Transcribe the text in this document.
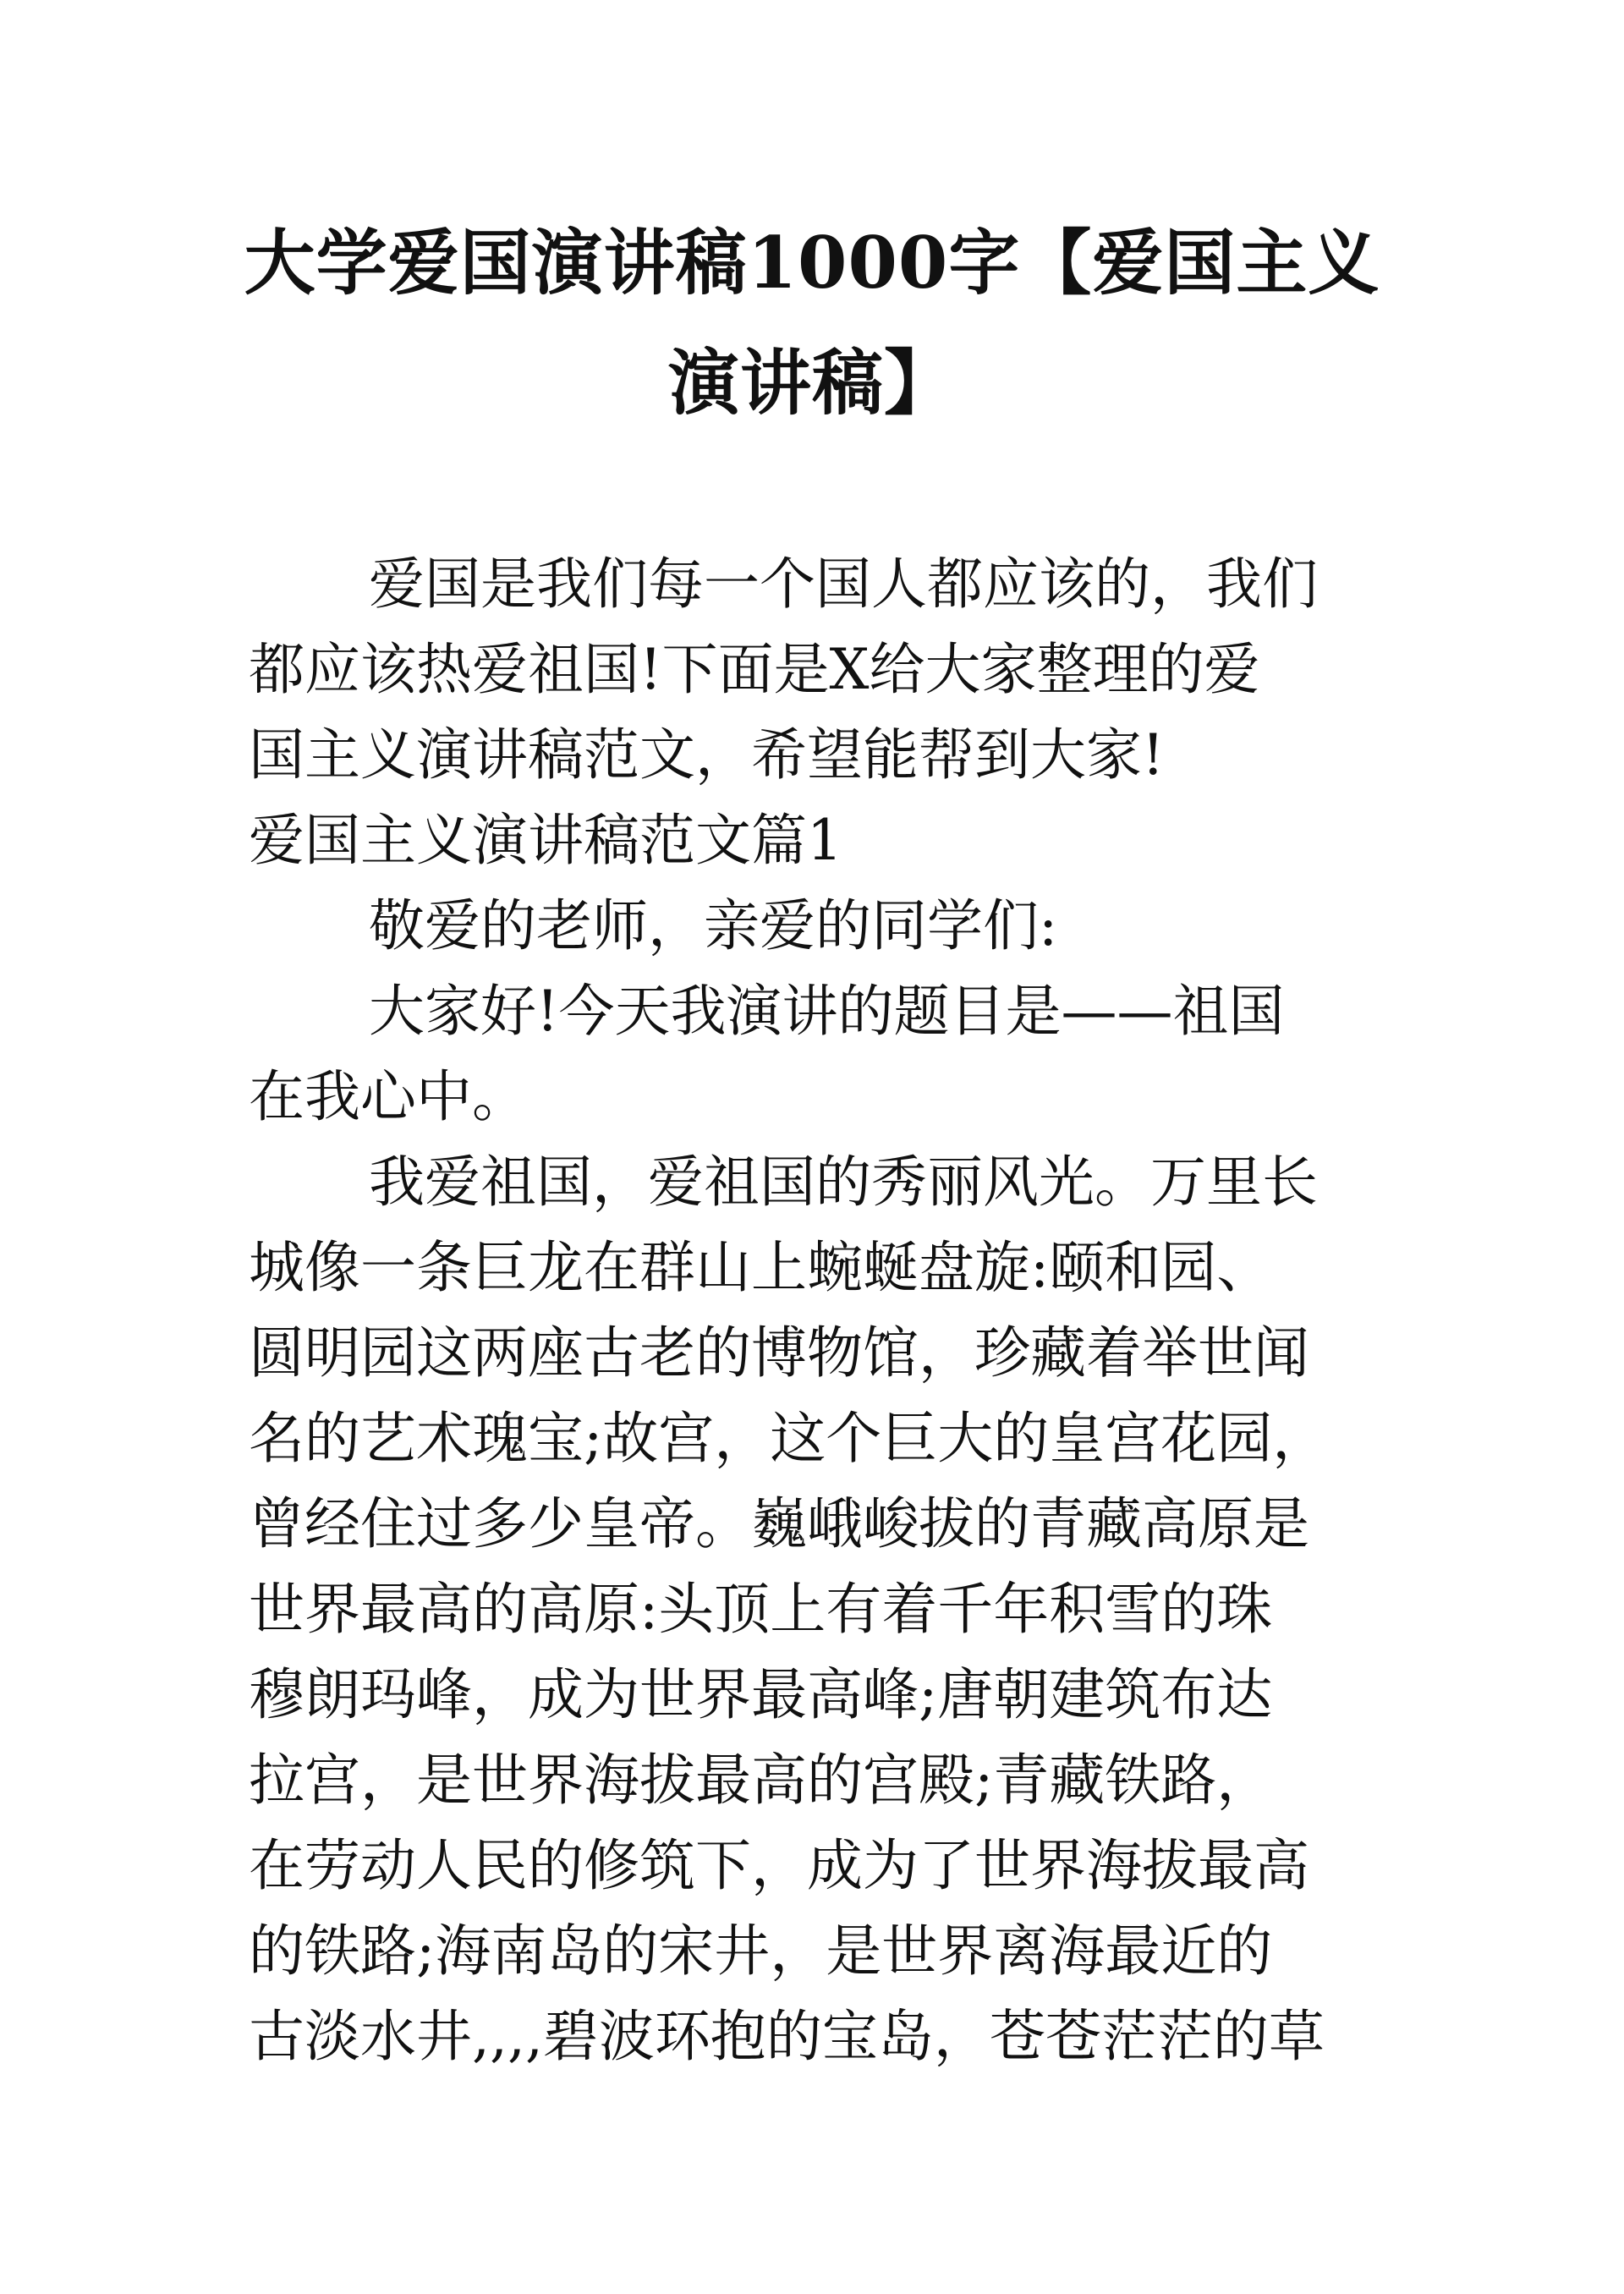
大学爱国演讲稿1000字【爱国主义
演讲稿】
爱国是我们每一个国人都应该的，我们
都应该热爱祖国!下面是X给大家整理的爱
国主义演讲稿范文，希望能帮到大家!
爱国主义演讲稿范文篇1
敬爱的老师，亲爱的同学们:
大家好!今天我演讲的题目是——祖国
在我心中。
我爱祖国，爱祖国的秀丽风光。万里长
城像一条巨龙在群山上蜿蜒盘旋:颐和园、
圆明园这两座古老的博物馆，珍藏着举世闻
名的艺术瑰宝;故宫，这个巨大的皇宫花园，
曾经住过多少皇帝。巍峨峻拔的青藏高原是
世界最高的高原:头顶上有着千年积雪的珠
穆朗玛峰，成为世界最高峰;唐朝建筑布达
拉宫，是世界海拔最高的宫殿;青藏铁路，
在劳动人民的修筑下，成为了世界海拔最高
的铁路;海南岛的宋井，是世界离海最近的
古淡水井,,,,碧波环抱的宝岛，苍苍茫茫的草
